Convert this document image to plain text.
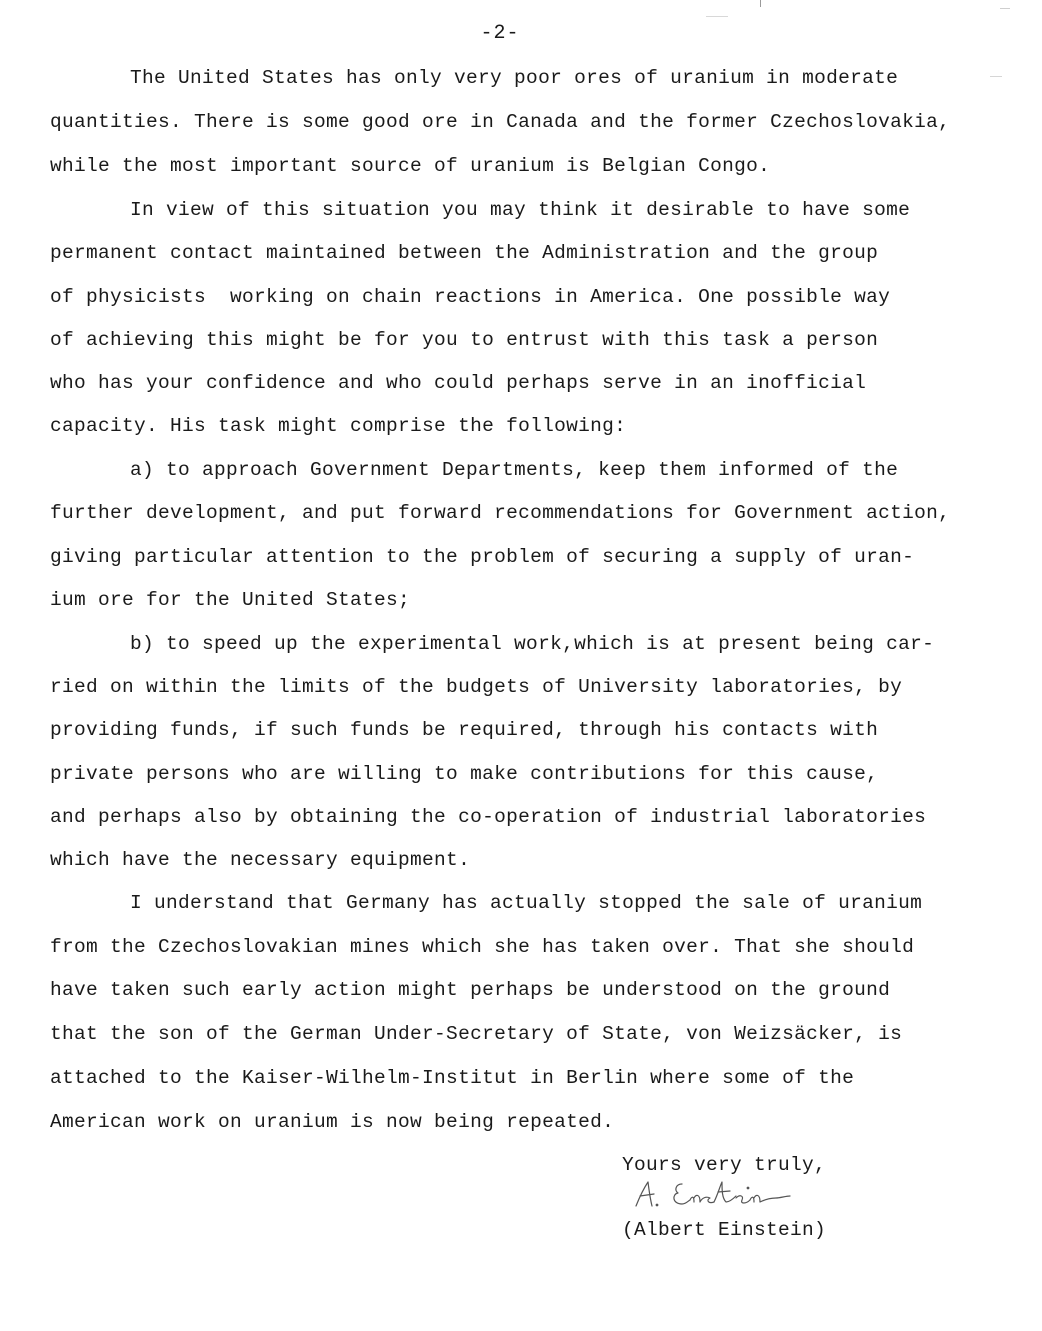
-2-
The United States has only very poor ores of uranium in moderate
quantities. There is some good ore in Canada and the former Czechoslovakia,
while the most important source of uranium is Belgian Congo.
In view of this situation you may think it desirable to have some
permanent contact maintained between the Administration and the group
of physicists  working on chain reactions in America. One possible way
of achieving this might be for you to entrust with this task a person
who has your confidence and who could perhaps serve in an inofficial
capacity. His task might comprise the following:
a) to approach Government Departments, keep them informed of the
further development, and put forward recommendations for Government action,
giving particular attention to the problem of securing a supply of uran-
ium ore for the United States;
b) to speed up the experimental work,which is at present being car-
ried on within the limits of the budgets of University laboratories, by
providing funds, if such funds be required, through his contacts with
private persons who are willing to make contributions for this cause,
and perhaps also by obtaining the co-operation of industrial laboratories
which have the necessary equipment.
I understand that Germany has actually stopped the sale of uranium
from the Czechoslovakian mines which she has taken over. That she should
have taken such early action might perhaps be understood on the ground
that the son of the German Under-Secretary of State, von Weizsäcker, is
attached to the Kaiser-Wilhelm-Institut in Berlin where some of the
American work on uranium is now being repeated.
Yours very truly,
(Albert Einstein)
